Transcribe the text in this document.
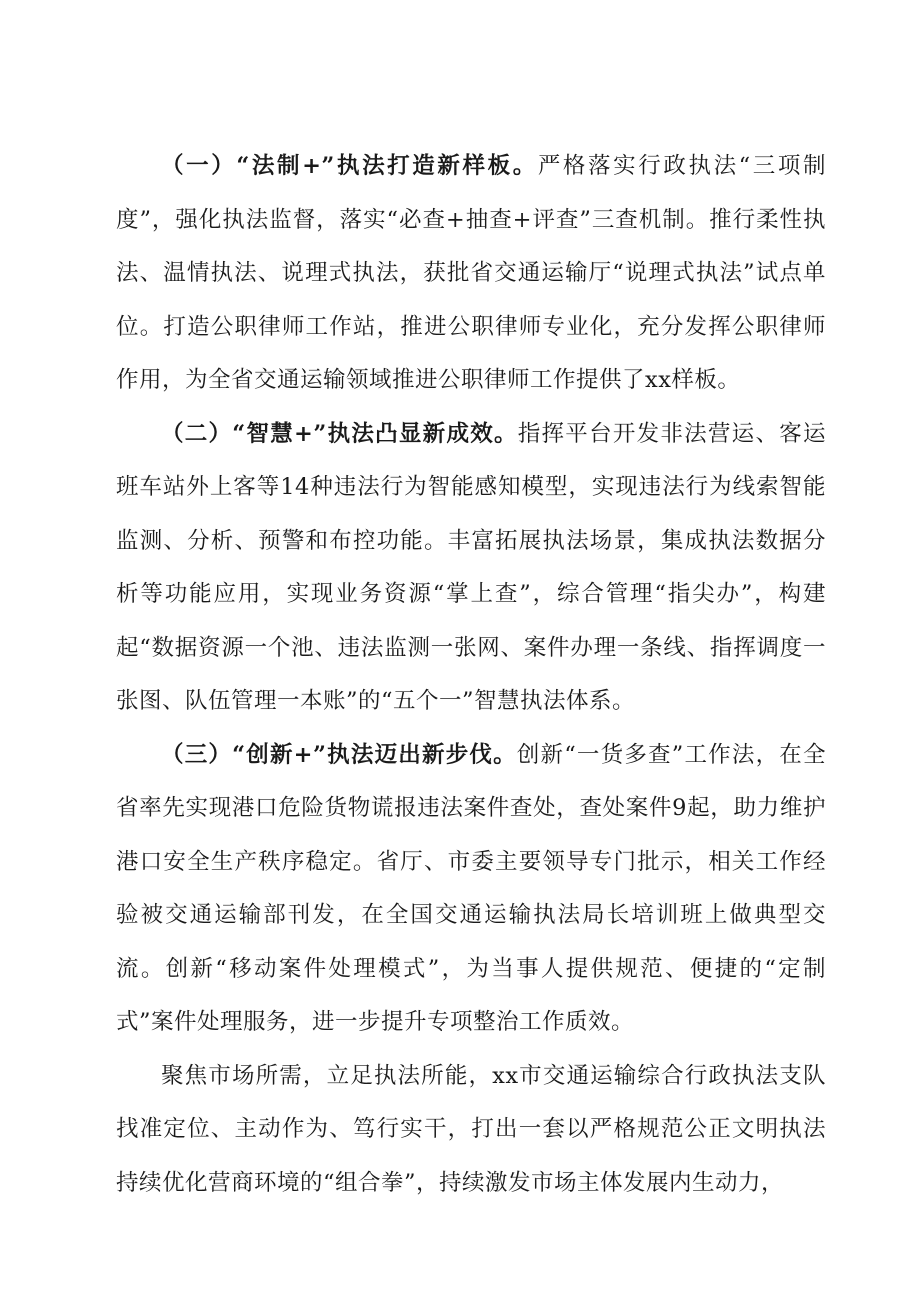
（一）“法制+”执法打造新样板。严格落实行政执法“三项制度”，强化执法监督，落实“必查+抽查+评查”三查机制。推行柔性执法、温情执法、说理式执法，获批省交通运输厅“说理式执法”试点单位。打造公职律师工作站，推进公职律师专业化，充分发挥公职律师作用，为全省交通运输领域推进公职律师工作提供了xx样板。

（二）“智慧+”执法凸显新成效。指挥平台开发非法营运、客运班车站外上客等14种违法行为智能感知模型，实现违法行为线索智能监测、分析、预警和布控功能。丰富拓展执法场景，集成执法数据分析等功能应用，实现业务资源“掌上查”，综合管理“指尖办”，构建起“数据资源一个池、违法监测一张网、案件办理一条线、指挥调度一张图、队伍管理一本账”的“五个一”智慧执法体系。

（三）“创新+”执法迈出新步伐。创新“一货多查”工作法，在全省率先实现港口危险货物谎报违法案件查处，查处案件9起，助力维护港口安全生产秩序稳定。省厅、市委主要领导专门批示，相关工作经验被交通运输部刊发，在全国交通运输执法局长培训班上做典型交流。创新“移动案件处理模式”，为当事人提供规范、便捷的“定制式”案件处理服务，进一步提升专项整治工作质效。

聚焦市场所需，立足执法所能，xx市交通运输综合行政执法支队找准定位、主动作为、笃行实干，打出一套以严格规范公正文明执法持续优化营商环境的“组合拳”，持续激发市场主体发展内生动力，
